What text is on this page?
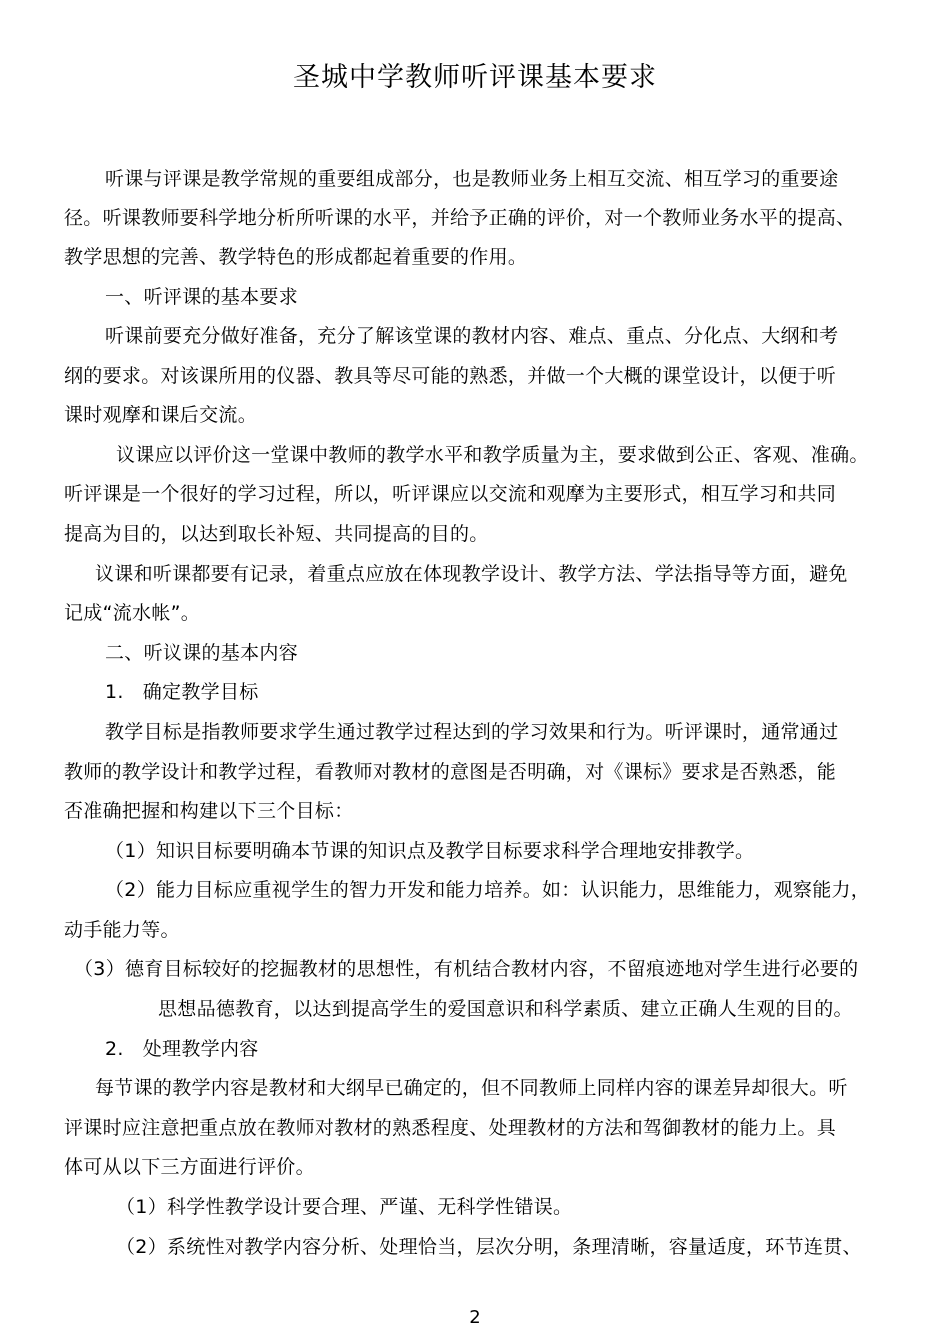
圣城中学教师听评课基本要求
听课与评课是教学常规的重要组成部分，也是教师业务上相互交流、相互学习的重要途
径。听课教师要科学地分析所听课的水平，并给予正确的评价，对一个教师业务水平的提高、
教学思想的完善、教学特色的形成都起着重要的作用。
一、听评课的基本要求
听课前要充分做好准备，充分了解该堂课的教材内容、难点、重点、分化点、大纲和考
纲的要求。对该课所用的仪器、教具等尽可能的熟悉，并做一个大概的课堂设计，以便于听
课时观摩和课后交流。
议课应以评价这一堂课中教师的教学水平和教学质量为主，要求做到公正、客观、准确。
听评课是一个很好的学习过程，所以，听评课应以交流和观摩为主要形式，相互学习和共同
提高为目的，以达到取长补短、共同提高的目的。
议课和听课都要有记录，着重点应放在体现教学设计、教学方法、学法指导等方面，避免
记成“流水帐”。
二、听议课的基本内容
1.   确定教学目标
教学目标是指教师要求学生通过教学过程达到的学习效果和行为。听评课时，通常通过
教师的教学设计和教学过程，看教师对教材的意图是否明确，对《课标》要求是否熟悉，能
否准确把握和构建以下三个目标：
（1）知识目标要明确本节课的知识点及教学目标要求科学合理地安排教学。
（2）能力目标应重视学生的智力开发和能力培养。如：认识能力，思维能力，观察能力，
动手能力等。
（3）德育目标较好的挖掘教材的思想性，有机结合教材内容，不留痕迹地对学生进行必要的
思想品德教育，以达到提高学生的爱国意识和科学素质、建立正确人生观的目的。
2.   处理教学内容
每节课的教学内容是教材和大纲早已确定的，但不同教师上同样内容的课差异却很大。听
评课时应注意把重点放在教师对教材的熟悉程度、处理教材的方法和驾御教材的能力上。具
体可从以下三方面进行评价。
（1）科学性教学设计要合理、严谨、无科学性错误。
（2）系统性对教学内容分析、处理恰当，层次分明，条理清晰，容量适度，环节连贯、
2
